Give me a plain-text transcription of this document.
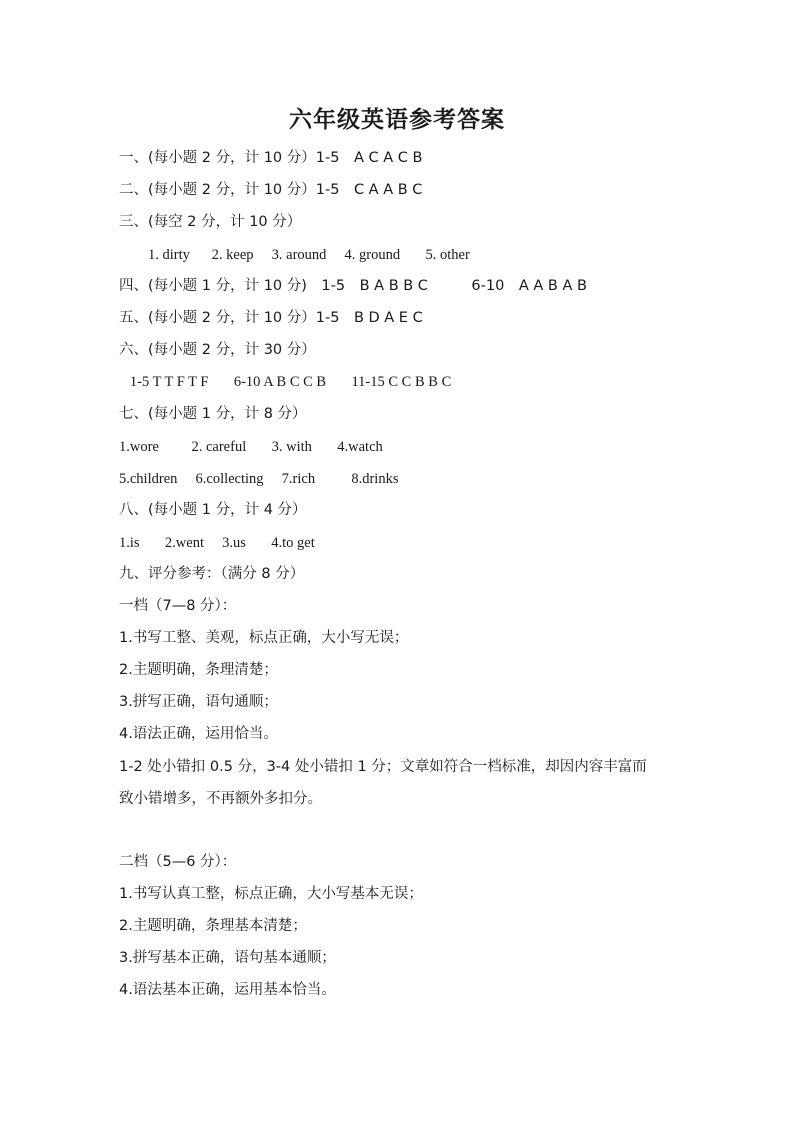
六年级英语参考答案
一、(每小题 2 分，计 10 分）1-5　A C A C B
二、(每小题 2 分，计 10 分）1-5　C A A B C
三、(每空 2 分，计 10 分）
1. dirty      2. keep     3. around     4. ground       5. other
四、(每小题 1 分，计 10 分)　1-5　B A B B C　　　6-10　A A B A B
五、(每小题 2 分，计 10 分）1-5　B D A E C
六、(每小题 2 分，计 30 分）
1-5 T T F T F       6-10 A B C C B       11-15 C C B B C
七、(每小题 1 分，计 8 分）
1.wore         2. careful       3. with       4.watch
5.children     6.collecting     7.rich          8.drinks
八、(每小题 1 分，计 4 分）
1.is       2.went     3.us       4.to get
九、评分参考：（满分 8 分）
一档（7—8 分）：
1.书写工整、美观，标点正确，大小写无误；
2.主题明确，条理清楚；
3.拼写正确，语句通顺；
4.语法正确，运用恰当。
1-2 处小错扣 0.5 分，3-4 处小错扣 1 分；文章如符合一档标准，却因内容丰富而
致小错增多，不再额外多扣分。
二档（5—6 分）：
1.书写认真工整，标点正确，大小写基本无误；
2.主题明确，条理基本清楚；
3.拼写基本正确，语句基本通顺；
4.语法基本正确，运用基本恰当。
